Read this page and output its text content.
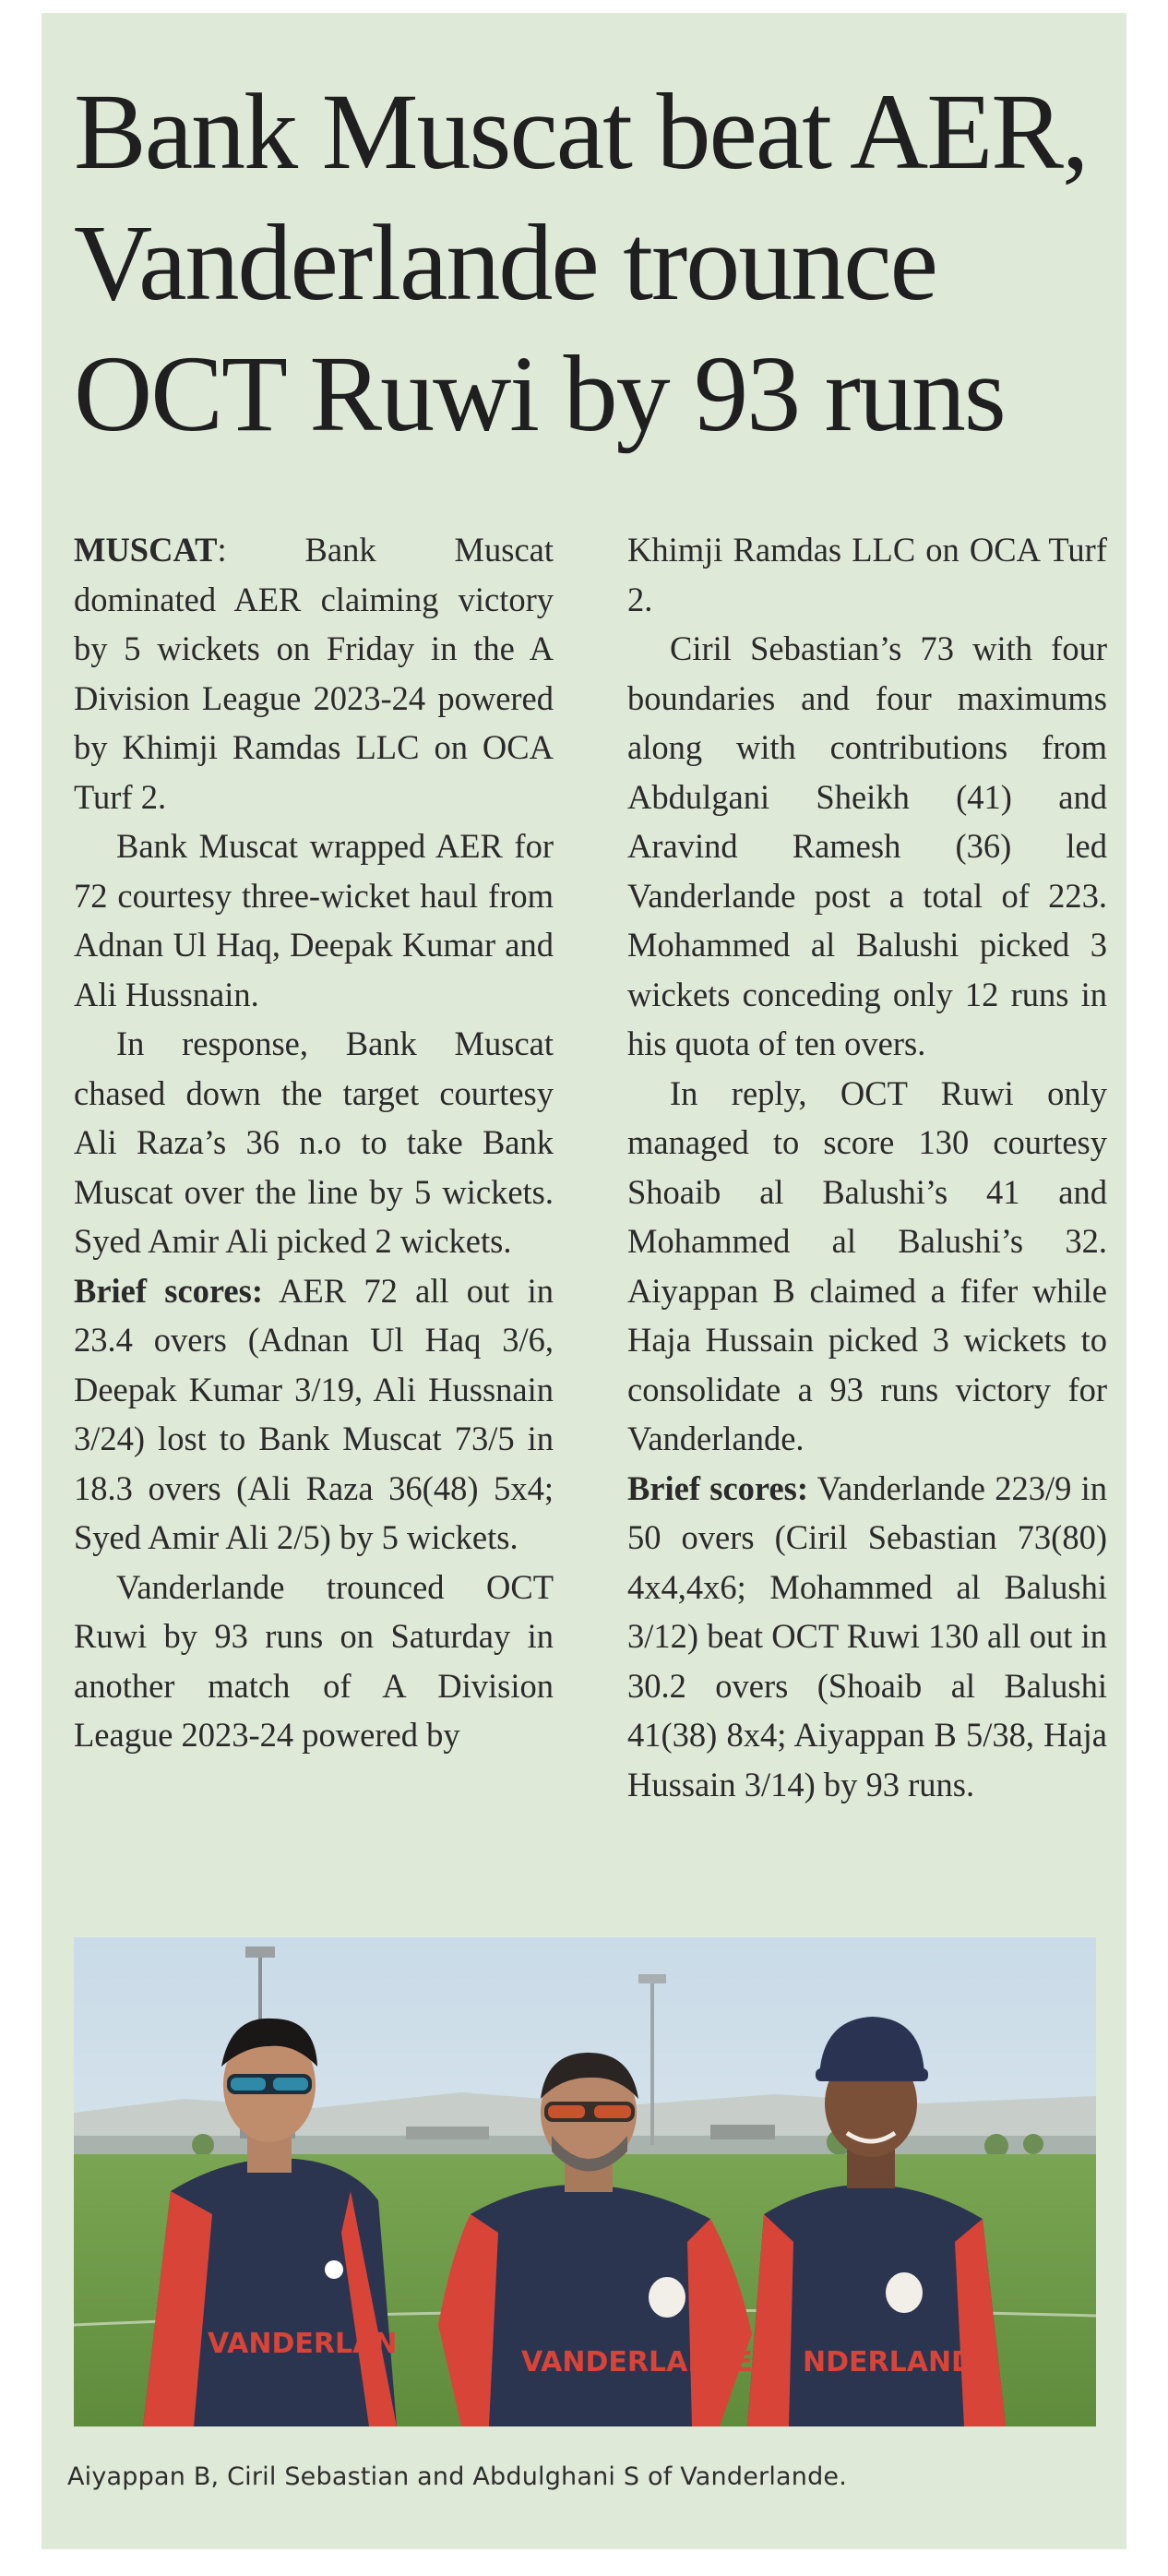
Bank Muscat beat AER,
Vanderlande trounce
OCT Ruwi by 93 runs

MUSCAT: Bank Muscat dominated AER claiming victory by 5 wickets on Friday in the A Division League 2023-24 powered by Khimji Ramdas LLC on OCA Turf 2.

Bank Muscat wrapped AER for 72 courtesy three-wicket haul from Adnan Ul Haq, Deepak Kumar and Ali Hussnain.

In response, Bank Muscat chased down the target courtesy Ali Raza’s 36 n.o to take Bank Muscat over the line by 5 wickets. Syed Amir Ali picked 2 wickets.

Brief scores: AER 72 all out in 23.4 overs (Adnan Ul Haq 3/6, Deepak Kumar 3/19, Ali Hussnain 3/24) lost to Bank Muscat 73/5 in 18.3 overs (Ali Raza 36(48) 5x4; Syed Amir Ali 2/5) by 5 wickets.

Vanderlande trounced OCT Ruwi by 93 runs on Saturday in another match of A Division League 2023-24 powered by

Khimji Ramdas LLC on OCA Turf 2.

Ciril Sebastian’s 73 with four boundaries and four maximums along with contributions from Abdulgani Sheikh (41) and Aravind Ramesh (36) led Vanderlande post a total of 223. Mohammed al Balushi picked 3 wickets conceding only 12 runs in his quota of ten overs.

In reply, OCT Ruwi only managed to score 130 courtesy Shoaib al Balushi’s 41 and Mohammed al Balushi’s 32. Aiyappan B claimed a fifer while Haja Hussain picked 3 wickets to consolidate a 93 runs victory for Vanderlande.

Brief scores: Vanderlande 223/9 in 50 overs (Ciril Sebastian 73(80) 4x4,4x6; Mohammed al Balushi 3/12) beat OCT Ruwi 130 all out in 30.2 overs (Shoaib al Balushi 41(38) 8x4; Aiyappan B 5/38, Haja Hussain 3/14) by 93 runs.

VANDERLAN
VANDERLANDE NDERLANDE
Aiyappan B, Ciril Sebastian and Abdulghani S of Vanderlande.
